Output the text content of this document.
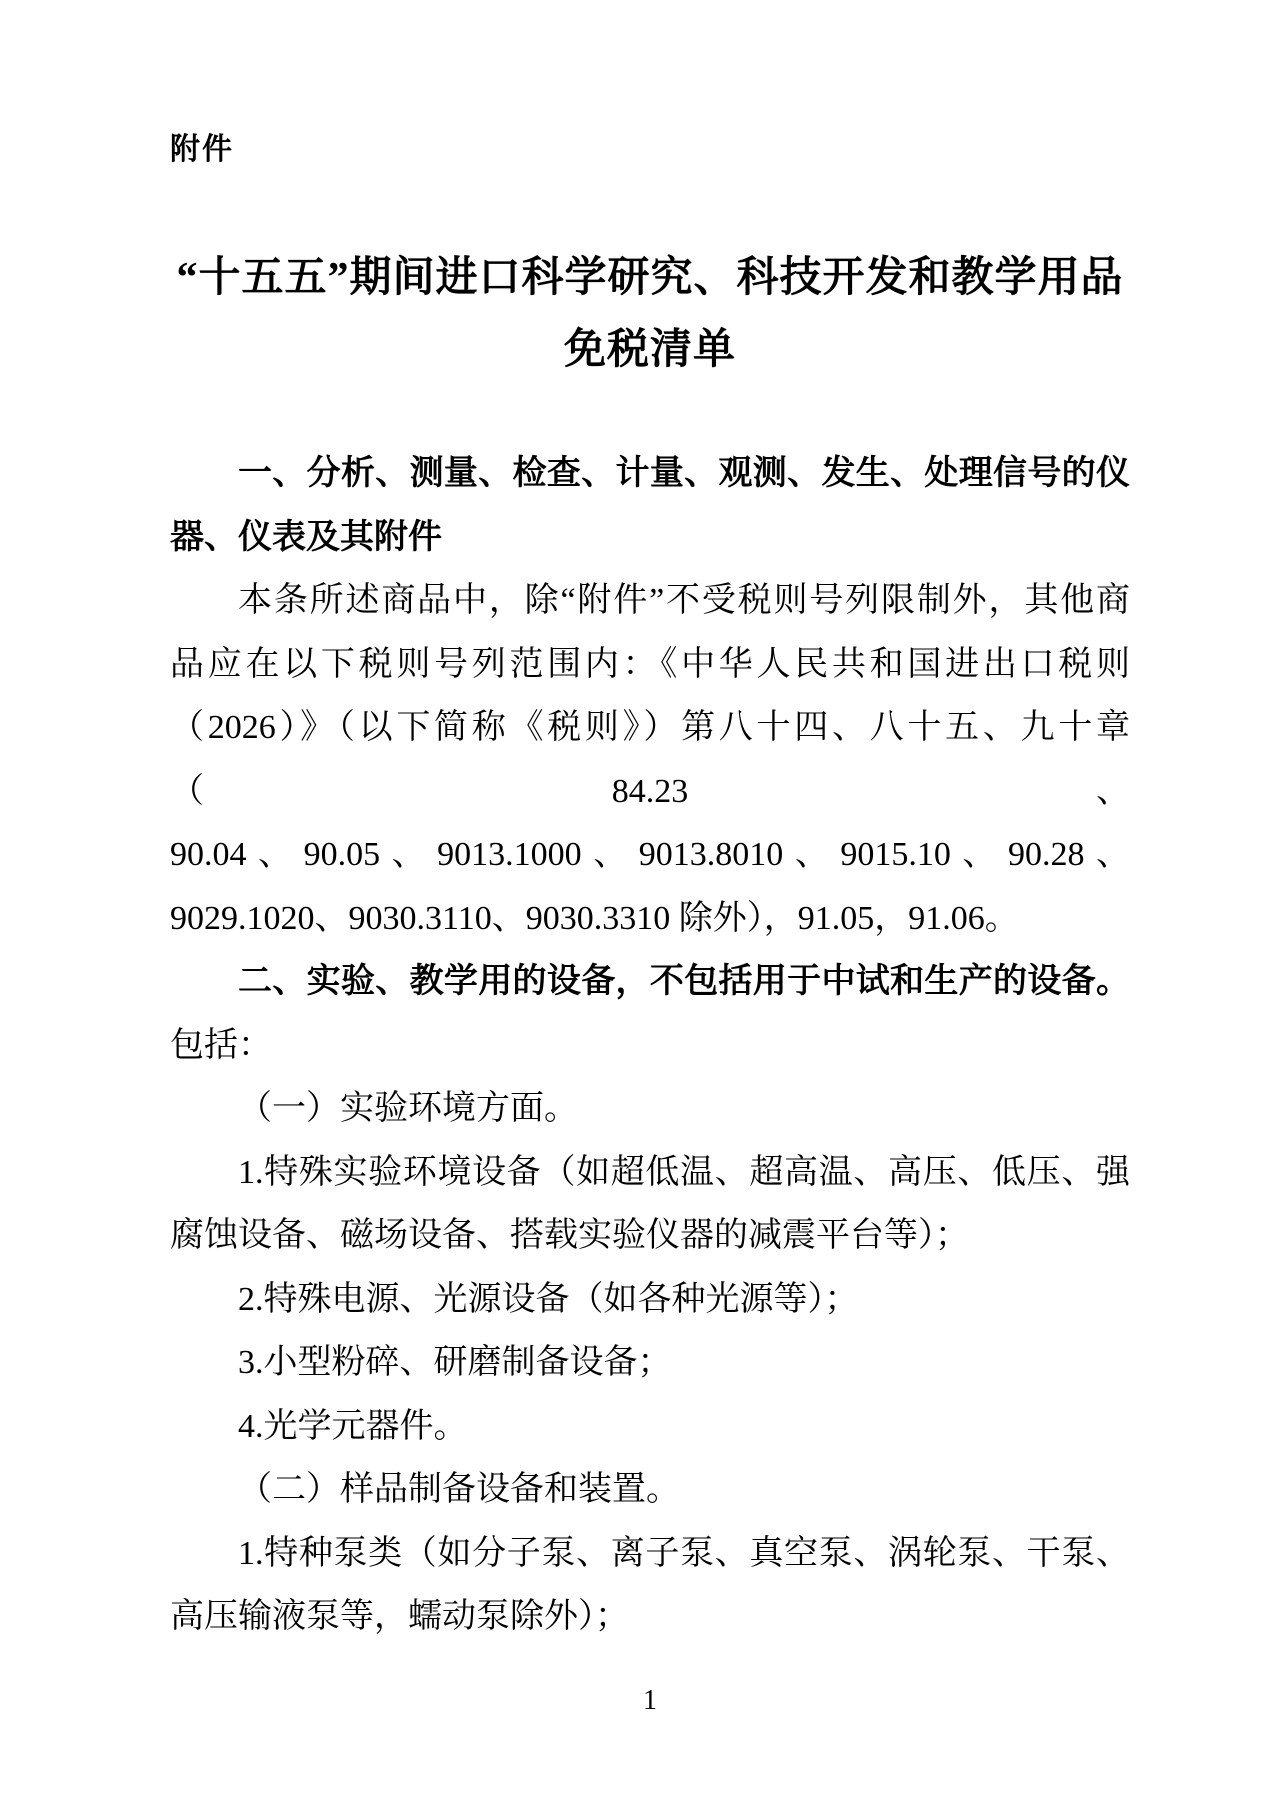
附件
“十五五”期间进口科学研究、科技开发和教学用品
免税清单
一、分析、测量、检查、计量、观测、发生、处理信号的仪
器、仪表及其附件
本条所述商品中，除“附件”不受税则号列限制外，其他商
品应在以下税则号列范围内：《中华人民共和国进出口税则
（2026）》（以下简称《税则》）第八十四、八十五、九十章（84.23、
90.04、90.05、9013.1000、9013.8010、9015.10、90.28、
9029.1020、9030.3110、9030.3310 除外），91.05，91.06。
二、实验、教学用的设备，不包括用于中试和生产的设备。
包括：
（一）实验环境方面。
1.特殊实验环境设备（如超低温、超高温、高压、低压、强
腐蚀设备、磁场设备、搭载实验仪器的减震平台等）；
2.特殊电源、光源设备（如各种光源等）；
3.小型粉碎、研磨制备设备；
4.光学元器件。
（二）样品制备设备和装置。
1.特种泵类（如分子泵、离子泵、真空泵、涡轮泵、干泵、
高压输液泵等，蠕动泵除外）；
1
